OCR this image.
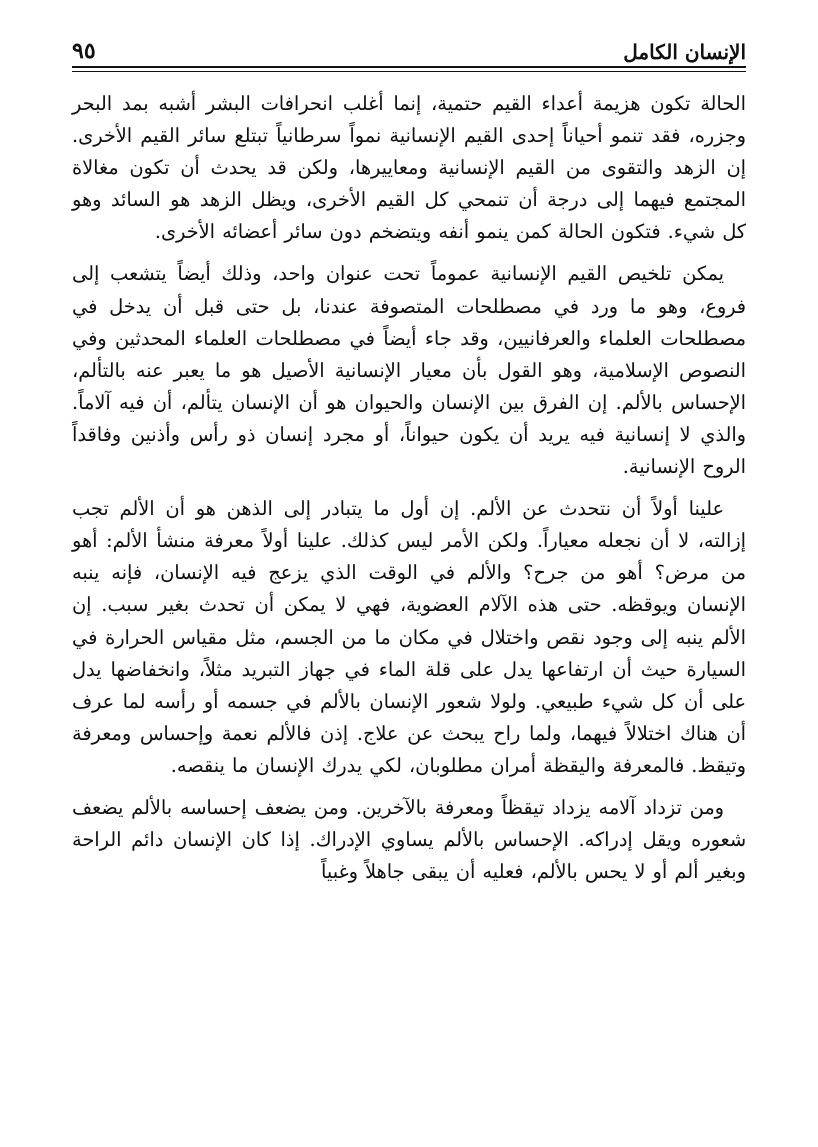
الإنسان الكامل
٩٥

الحالة تكون هزيمة أعداء القيم حتمية، إنما أغلب انحرافات البشر أشبه بمد البحر وجزره، فقد تنمو أحياناً إحدى القيم الإنسانية نمواً سرطانياً تبتلع سائر القيم الأخرى. إن الزهد والتقوى من القيم الإنسانية ومعاييرها، ولكن قد يحدث أن تكون مغالاة المجتمع فيهما إلى درجة أن تنمحي كل القيم الأخرى، ويظل الزهد هو السائد وهو كل شيء. فتكون الحالة كمن ينمو أنفه ويتضخم دون سائر أعضائه الأخرى.

يمكن تلخيص القيم الإنسانية عموماً تحت عنوان واحد، وذلك أيضاً يتشعب إلى فروع، وهو ما ورد في مصطلحات المتصوفة عندنا، بل حتى قبل أن يدخل في مصطلحات العلماء والعرفانيين، وقد جاء أيضاً في مصطلحات العلماء المحدثين وفي النصوص الإسلامية، وهو القول بأن معيار الإنسانية الأصيل هو ما يعبر عنه بالتألم، الإحساس بالألم. إن الفرق بين الإنسان والحيوان هو أن الإنسان يتألم، أن فيه آلاماً. والذي لا إنسانية فيه يريد أن يكون حيواناً، أو مجرد إنسان ذو رأس وأذنين وفاقداً الروح الإنسانية.

علينا أولاً أن نتحدث عن الألم. إن أول ما يتبادر إلى الذهن هو أن الألم تجب إزالته، لا أن نجعله معياراً. ولكن الأمر ليس كذلك. علينا أولاً معرفة منشأ الألم: أهو من مرض؟ أهو من جرح؟ والألم في الوقت الذي يزعج فيه الإنسان، فإنه ينبه الإنسان ويوقظه. حتى هذه الآلام العضوية، فهي لا يمكن أن تحدث بغير سبب. إن الألم ينبه إلى وجود نقص واختلال في مكان ما من الجسم، مثل مقياس الحرارة في السيارة حيث أن ارتفاعها يدل على قلة الماء في جهاز التبريد مثلاً، وانخفاضها يدل على أن كل شيء طبيعي. ولولا شعور الإنسان بالألم في جسمه أو رأسه لما عرف أن هناك اختلالاً فيهما، ولما راح يبحث عن علاج. إذن فالألم نعمة وإحساس ومعرفة وتيقظ. فالمعرفة واليقظة أمران مطلوبان، لكي يدرك الإنسان ما ينقصه.

ومن تزداد آلامه يزداد تيقظاً ومعرفة بالآخرين. ومن يضعف إحساسه بالألم يضعف شعوره ويقل إدراكه. الإحساس بالألم يساوي الإدراك. إذا كان الإنسان دائم الراحة وبغير ألم أو لا يحس بالألم، فعليه أن يبقى جاهلاً وغبياً
